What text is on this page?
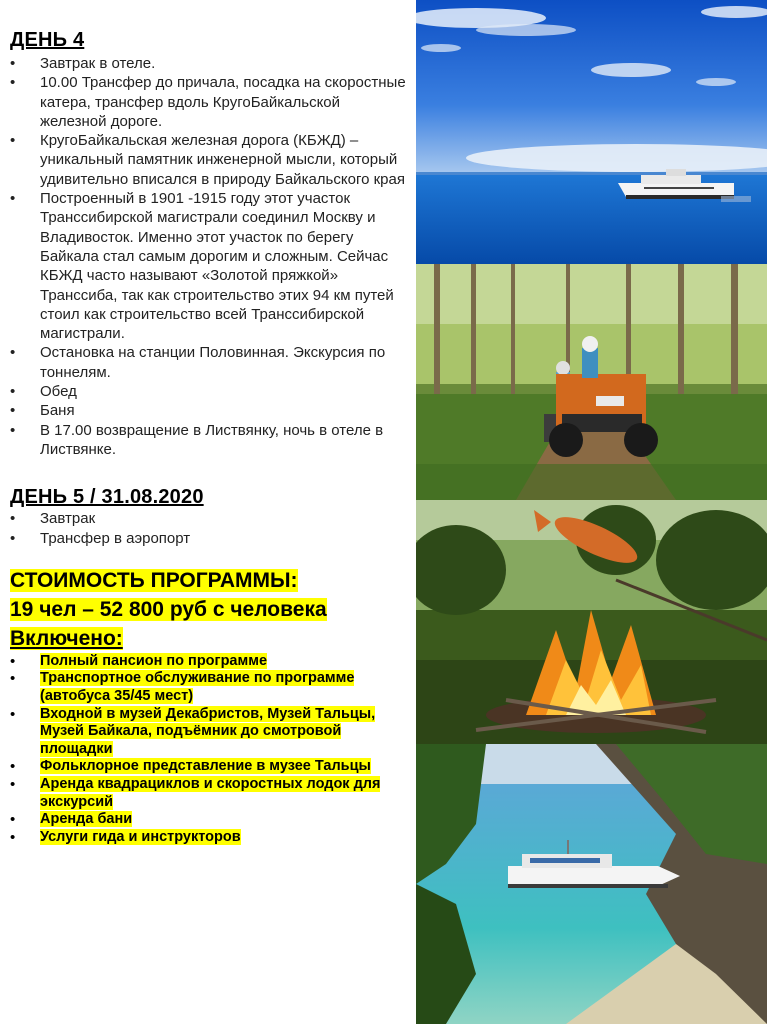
ДЕНЬ 4
• Завтрак в отеле.
• 10.00 Трансфер до причала, посадка на скоростные катера, трансфер вдоль КругоБайкальской железной дороге.
• КругоБайкальская железная дорога (КБЖД) – уникальный памятник инженерной мысли, который удивительно вписался в природу Байкальского края
• Построенный в 1901 -1915 году этот участок Транссибирской магистрали соединил Москву и Владивосток. Именно этот участок по берегу Байкала стал самым дорогим и сложным. Сейчас КБЖД часто называют «Золотой пряжкой» Транссиба, так как строительство этих 94 км путей стоил как строительство всей Транссибирской магистрали.
• Остановка на станции Половинная. Экскурсия по тоннелям.
• Обед
• Баня
• В 17.00 возвращение в Листвянку, ночь в отеле в Листвянке.
ДЕНЬ 5 / 31.08.2020
• Завтрак
• Трансфер в аэропорт
СТОИМОСТЬ ПРОГРАММЫ:
19 чел – 52 800 руб с человека
Включено:
• Полный пансион по программе
• Транспортное обслуживание по программе (автобуса 35/45 мест)
• Входной в музей Декабристов, Музей Тальцы, Музей Байкала, подъёмник до смотровой площадки
• Фольклорное представление в музее Тальцы
• Аренда квадрациклов и скоростных лодок для экскурсий
• Аренда бани
• Услуги гида и инструкторов
